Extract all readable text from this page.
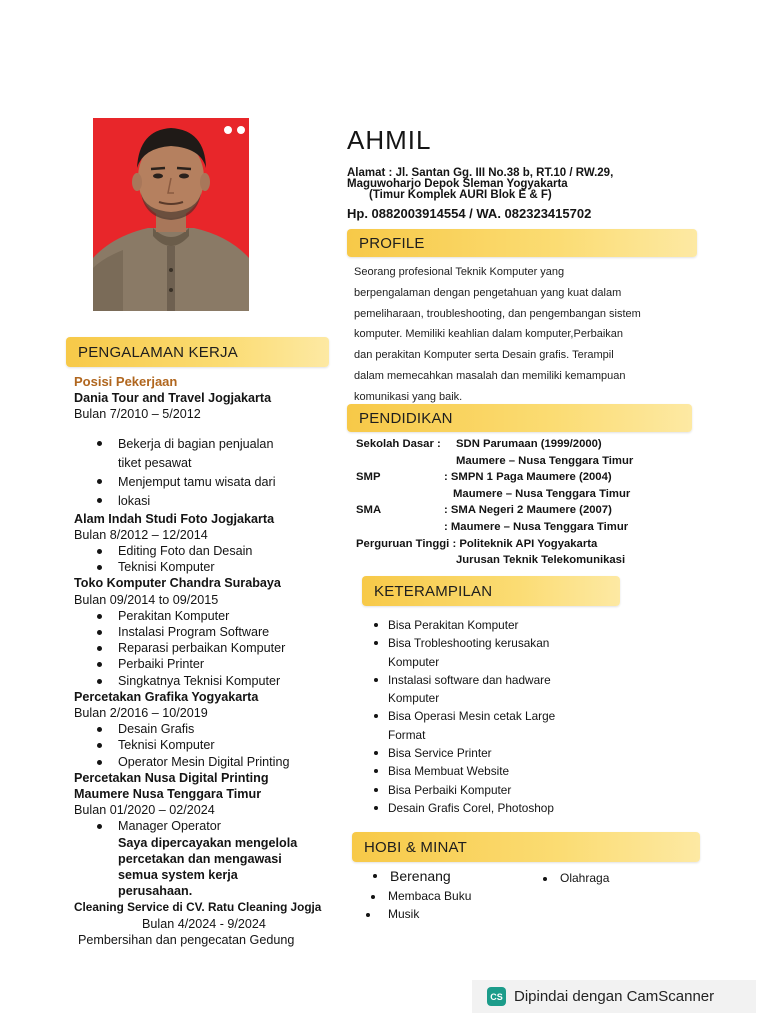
AHMIL
Alamat : Jl. Santan Gg. III No.38 b, RT.10 / RW.29,
Maguwoharjo Depok Sleman Yogyakarta
(Timur Komplek AURI Blok E & F)
Hp. 0882003914554 / WA. 082323415702
PROFILE
Seorang profesional Teknik Komputer yang
berpengalaman dengan pengetahuan yang kuat dalam
pemeliharaan, troubleshooting, dan pengembangan sistem
komputer. Memiliki keahlian dalam komputer,Perbaikan
dan perakitan Komputer serta Desain grafis. Terampil
dalam memecahkan masalah dan memiliki kemampuan
komunikasi yang baik.
PENGALAMAN KERJA
Posisi Pekerjaan
Dania Tour and Travel Jogjakarta
Bulan 7/2010 – 5/2012
Bekerja di bagian penjualan
tiket pesawat
Menjemput tamu wisata dari
lokasi
Alam Indah Studi Foto Jogjakarta
Bulan 8/2012 – 12/2014
Editing Foto dan Desain
Teknisi Komputer
Toko Komputer Chandra Surabaya
Bulan 09/2014 to 09/2015
Perakitan Komputer
Instalasi Program Software
Reparasi perbaikan Komputer
Perbaiki Printer
Singkatnya Teknisi Komputer
Percetakan Grafika Yogyakarta
Bulan 2/2016 – 10/2019
Desain Grafis
Teknisi Komputer
Operator Mesin Digital Printing
Percetakan Nusa Digital Printing
Maumere Nusa Tenggara Timur
Bulan 01/2020 – 02/2024
Manager Operator
Saya dipercayakan mengelola
percetakan dan mengawasi
semua system kerja
perusahaan.
Cleaning Service di CV. Ratu Cleaning Jogja
Bulan 4/2024 - 9/2024
Pembersihan dan pengecatan Gedung
PENDIDIKAN
Sekolah Dasar : SDN Parumaan (1999/2000)
Maumere – Nusa Tenggara Timur
SMP	: SMPN 1 Paga Maumere (2004)
Maumere – Nusa Tenggara Timur
SMA	: SMA Negeri 2 Maumere (2007)
: Maumere – Nusa Tenggara Timur
Perguruan Tinggi : Politeknik API Yogyakarta
Jurusan Teknik Telekomunikasi
KETERAMPILAN
Bisa Perakitan Komputer
Bisa Trobleshooting kerusakan
Komputer
Instalasi software dan hadware
Komputer
Bisa Operasi Mesin cetak Large
Format
Bisa Service Printer
Bisa Membuat Website
Bisa Perbaiki Komputer
Desain Grafis Corel, Photoshop
HOBI & MINAT
Berenang
Membaca Buku
Musik
Olahraga
CS Dipindai dengan CamScanner
